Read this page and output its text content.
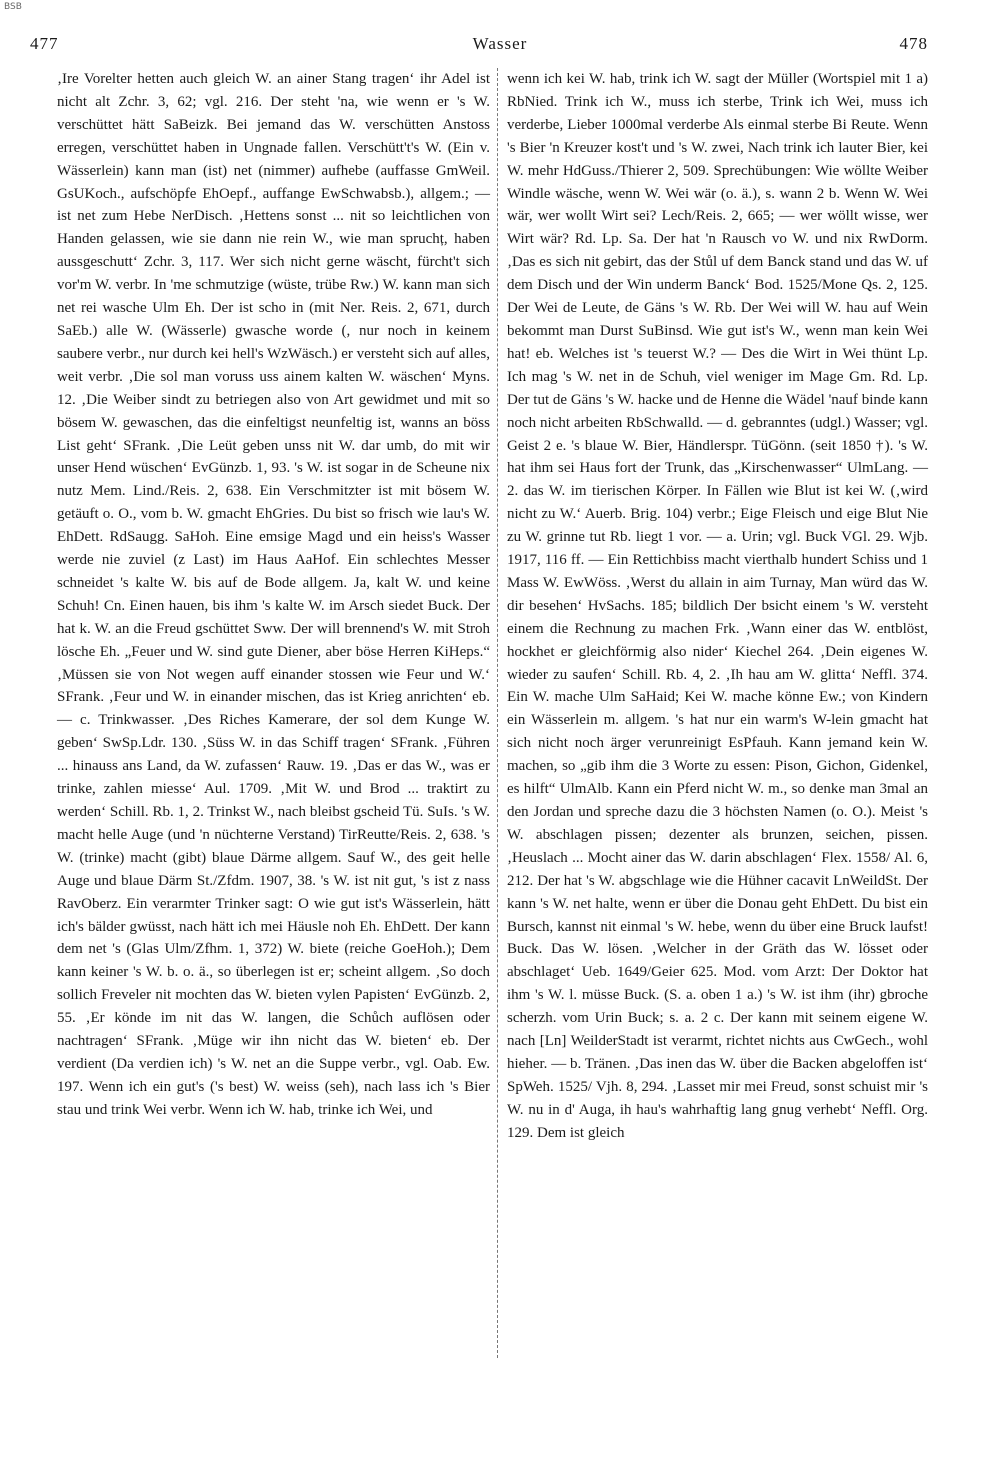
BSB
477	Wasser	478

‚Ire Vorelter hetten auch gleich W. an ainer Stang tragen‘ ihr Adel ist nicht alt Zchr. 3, 62; vgl. 216. Der steht 'na, wie wenn er 's W. verschüttet hätt SaBeizk. Bei jemand das W. verschütten Anstoss erregen, verschüttet haben in Ungnade fallen. Verschütt't's W. (Ein v. Wässerlein) kann man (ist) net (nimmer) aufhebe (auffasse GmWeil. GsUKoch., aufschöpfe EhOepf., auffange EwSchwabsb.), allgem.; — ist net zum Hebe NerDisch. ‚Hettens sonst ... nit so leichtlichen von Handen gelassen, wie sie dann nie rein W., wie man spruchț, haben aussgeschutt‘ Zchr. 3, 117. Wer sich nicht gerne wäscht, fürcht't sich vor'm W. verbr. In 'me schmutzige (wüste, trübe Rw.) W. kann man sich net rei wasche Ulm Eh. Der ist scho in (mit Ner. Reis. 2, 671, durch SaEb.) alle W. (Wässerle) gwasche worde (, nur noch in keinem saubere verbr., nur durch kei hell's WzWäsch.) er versteht sich auf alles, weit verbr. ‚Die sol man voruss uss ainem kalten W. wäschen‘ Myns. 12. ‚Die Weiber sindt zu betriegen also von Art gewidmet und mit so bösem W. gewaschen, das die einfeltigst neunfeltig ist, wanns an böss List geht‘ SFrank. ‚Die Leüt geben unss nit W. dar umb, do mit wir unser Hend wüschen‘ EvGünzb. 1, 93. 's W. ist sogar in de Scheune nix nutz Mem. Lind./Reis. 2, 638. Ein Verschmitzter ist mit bösem W. getäuft o. O., vom b. W. gmacht EhGries. Du bist so frisch wie lau's W. EhDett. RdSaugg. SaHoh. Eine emsige Magd und ein heiss's Wasser werde nie zuviel (z Last) im Haus AaHof. Ein schlechtes Messer schneidet 's kalte W. bis auf de Bode allgem. Ja, kalt W. und keine Schuh! Cn. Einen hauen, bis ihm 's kalte W. im Arsch siedet Buck. Der hat k. W. an die Freud gschüttet Sww. Der will brennend's W. mit Stroh lösche Eh. „Feuer und W. sind gute Diener, aber böse Herren KiHeps.“ ‚Müssen sie von Not wegen auff einander stossen wie Feur und W.‘ SFrank. ‚Feur und W. in einander mischen, das ist Krieg anrichten‘ eb. — c. Trinkwasser. ‚Des Riches Kamerare, der sol dem Kunge W. geben‘ SwSp.Ldr. 130. ‚Süss W. in das Schiff tragen‘ SFrank. ‚Führen ... hinauss ans Land, da W. zufassen‘ Rauw. 19. ‚Das er das W., was er trinke, zahlen miesse‘ Aul. 1709. ‚Mit W. und Brod ... traktirt zu werden‘ Schill. Rb. 1, 2. Trinkst W., nach bleibst gscheid Tü. SuIs. 's W. macht helle Auge (und 'n nüchterne Verstand) TirReutte/Reis. 2, 638. 's W. (trinke) macht (gibt) blaue Därme allgem. Sauf W., des geit helle Auge und blaue Därm St./Zfdm. 1907, 38. 's W. ist nit gut, 's ist z nass RavOberz. Ein verarmter Trinker sagt: O wie gut ist's Wässerlein, hätt ich's bälder gwüsst, nach hätt ich mei Häusle noh Eh. EhDett. Der kann dem net 's (Glas Ulm/Zfhm. 1, 372) W. biete (reiche GoeHoh.); Dem kann keiner 's W. b. o. ä., so überlegen ist er; scheint allgem. ‚So doch sollich Freveler nit mochten das W. bieten vylen Papisten‘ EvGünzb. 2, 55. ‚Er könde im nit das W. langen, die Schůch auflösen oder nachtragen‘ SFrank. ‚Müge wir ihn nicht das W. bieten‘ eb. Der verdient (Da verdien ich) 's W. net an die Suppe verbr., vgl. Oab. Ew. 197. Wenn ich ein gut's ('s best) W. weiss (seh), nach lass ich 's Bier stau und trink Wei verbr. Wenn ich W. hab, trinke ich Wei, und

wenn ich kei W. hab, trink ich W. sagt der Müller (Wortspiel mit 1 a) RbNied. Trink ich W., muss ich sterbe, Trink ich Wei, muss ich verderbe, Lieber 1000mal verderbe Als einmal sterbe Bi Reute. Wenn 's Bier 'n Kreuzer kost't und 's W. zwei, Nach trink ich lauter Bier, kei W. mehr HdGuss./Thierer 2, 509. Sprechübungen: Wie wöllte Weiber Windle wäsche, wenn W. Wei wär (o. ä.), s. wann 2 b. Wenn W. Wei wär, wer wollt Wirt sei? Lech/Reis. 2, 665; — wer wöllt wisse, wer Wirt wär? Rd. Lp. Sa. Der hat 'n Rausch vo W. und nix RwDorm. ‚Das es sich nit gebirt, das der Stůl uf dem Banck stand und das W. uf dem Disch und der Win underm Banck‘ Bod. 1525/Mone Qs. 2, 125. Der Wei de Leute, de Gäns 's W. Rb. Der Wei will W. hau auf Wein bekommt man Durst SuBinsd. Wie gut ist's W., wenn man kein Wei hat! eb. Welches ist 's teuerst W.? — Des die Wirt in Wei thünt Lp. Ich mag 's W. net in de Schuh, viel weniger im Mage Gm. Rd. Lp. Der tut de Gäns 's W. hacke und de Henne die Wädel 'nauf binde kann noch nicht arbeiten RbSchwalld. — d. gebranntes (udgl.) Wasser; vgl. Geist 2 e. 's blaue W. Bier, Händlerspr. TüGönn. (seit 1850 †). 's W. hat ihm sei Haus fort der Trunk, das „Kirschenwasser“ UlmLang. — 2. das W. im tierischen Körper. In Fällen wie Blut ist kei W. (‚wird nicht zu W.‘ Auerb. Brig. 104) verbr.; Eige Fleisch und eige Blut Nie zu W. grinne tut Rb. liegt 1 vor. — a. Urin; vgl. Buck VGl. 29. Wjb. 1917, 116 ff. — Ein Rettichbiss macht vierthalb hundert Schiss und 1 Mass W. EwWöss. ‚Werst du allain in aim Turnay, Man würd das W. dir besehen‘ HvSachs. 185; bildlich Der bsicht einem 's W. versteht einem die Rechnung zu machen Frk. ‚Wann einer das W. entblöst, hockhet er gleichförmig also nider‘ Kiechel 264. ‚Dein eigenes W. wieder zu saufen‘ Schill. Rb. 4, 2. ‚Ih hau am W. glitta‘ Neffl. 374. Ein W. mache Ulm SaHaid; Kei W. mache könne Ew.; von Kindern ein Wässerlein m. allgem. 's hat nur ein warm's W-lein gmacht hat sich nicht noch ärger verunreinigt EsPfauh. Kann jemand kein W. machen, so „gib ihm die 3 Worte zu essen: Pison, Gichon, Gidenkel, es hilft“ UlmAlb. Kann ein Pferd nicht W. m., so denke man 3mal an den Jordan und spreche dazu die 3 höchsten Namen (o. O.). Meist 's W. abschlagen pissen; dezenter als brunzen, seichen, pissen. ‚Heuslach ... Mocht ainer das W. darin abschlagen‘ Flex. 1558/ Al. 6, 212. Der hat 's W. abgschlage wie die Hühner cacavit LnWeildSt. Der kann 's W. net halte, wenn er über die Donau geht EhDett. Du bist ein Bursch, kannst nit einmal 's W. hebe, wenn du über eine Bruck laufst! Buck. Das W. lösen. ‚Welcher in der Gräth das W. lösset oder abschlaget‘ Ueb. 1649/Geier 625. Mod. vom Arzt: Der Doktor hat ihm 's W. l. müsse Buck. (S. a. oben 1 a.) 's W. ist ihm (ihr) gbroche scherzh. vom Urin Buck; s. a. 2 c. Der kann mit seinem eigene W. nach [Ln] WeilderStadt ist verarmt, richtet nichts aus CwGech., wohl hieher. — b. Tränen. ‚Das inen das W. über die Backen abgeloffen ist‘ SpWeh. 1525/ Vjh. 8, 294. ‚Lasset mir mei Freud, sonst schuist mir 's W. nu in d' Auga, ih hau's wahrhaftig lang gnug verhebt‘ Neffl. Org. 129. Dem ist gleich
